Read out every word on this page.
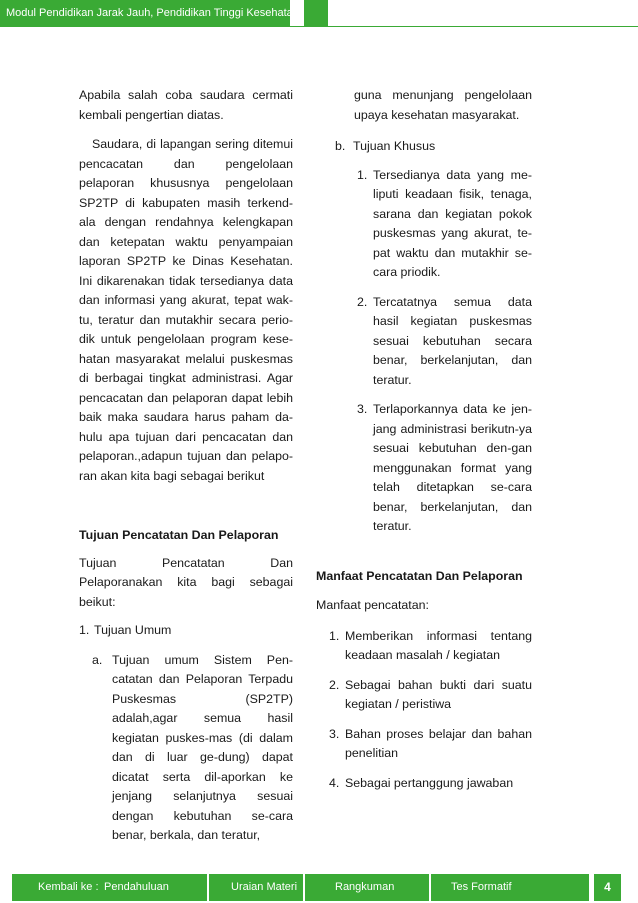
Modul Pendidikan Jarak Jauh, Pendidikan Tinggi Kesehatan

Apabila salah coba saudara cermati kembali pengertian diatas.

Saudara, di lapangan sering ditemui pencacatan dan pengelolaan pelaporan khususnya pengelolaan SP2TP di kabupaten masih terkend-ala dengan rendahnya kelengkapan dan ketepatan waktu penyampaian laporan SP2TP ke Dinas Kesehatan. Ini dikarenakan tidak tersedianya data dan informasi yang akurat, tepat wak-tu, teratur dan mutakhir secara perio-dik untuk pengelolaan program kese-hatan masyarakat melalui puskesmas di berbagai tingkat administrasi. Agar pencacatan dan pelaporan dapat lebih baik maka saudara harus paham da-hulu apa tujuan dari pencacatan dan pelaporan.,adapun tujuan dan pelapo-ran akan kita bagi sebagai berikut

Tujuan Pencatatan Dan Pelaporan

Tujuan Pencatatan Dan Pelaporanakan kita bagi sebagai beikut:

1. Tujuan Umum
a. Tujuan umum Sistem Pen-catatan dan Pelaporan Terpadu Puskesmas (SP2TP) adalah,agar semua hasil kegiatan puskes-mas (di dalam dan di luar ge-dung) dapat dicatat serta dil-aporkan ke jenjang selanjutnya sesuai dengan kebutuhan se-cara benar, berkala, dan teratur,

guna menunjang pengelolaan upaya kesehatan masyarakat.

b. Tujuan Khusus
1. Tersedianya data yang me-liputi keadaan fisik, tenaga, sarana dan kegiatan pokok puskesmas yang akurat, te-pat waktu dan mutakhir se-cara priodik.
2. Tercatatnya semua data hasil kegiatan puskesmas sesuai kebutuhan secara benar, berkelanjutan, dan teratur.
3. Terlaporkannya data ke jen-jang administrasi berikutn-ya sesuai kebutuhan den-gan menggunakan format yang telah ditetapkan se-cara benar, berkelanjutan, dan teratur.

Manfaat Pencatatan Dan Pelaporan

Manfaat pencatatan:

1. Memberikan informasi tentang keadaan masalah / kegiatan
2. Sebagai bahan bukti dari suatu kegiatan / peristiwa
3. Bahan proses belajar dan bahan penelitian
4. Sebagai pertanggung jawaban
Kembali ke : Pendahuluan	Uraian Materi	Rangkuman	Tes Formatif	4
